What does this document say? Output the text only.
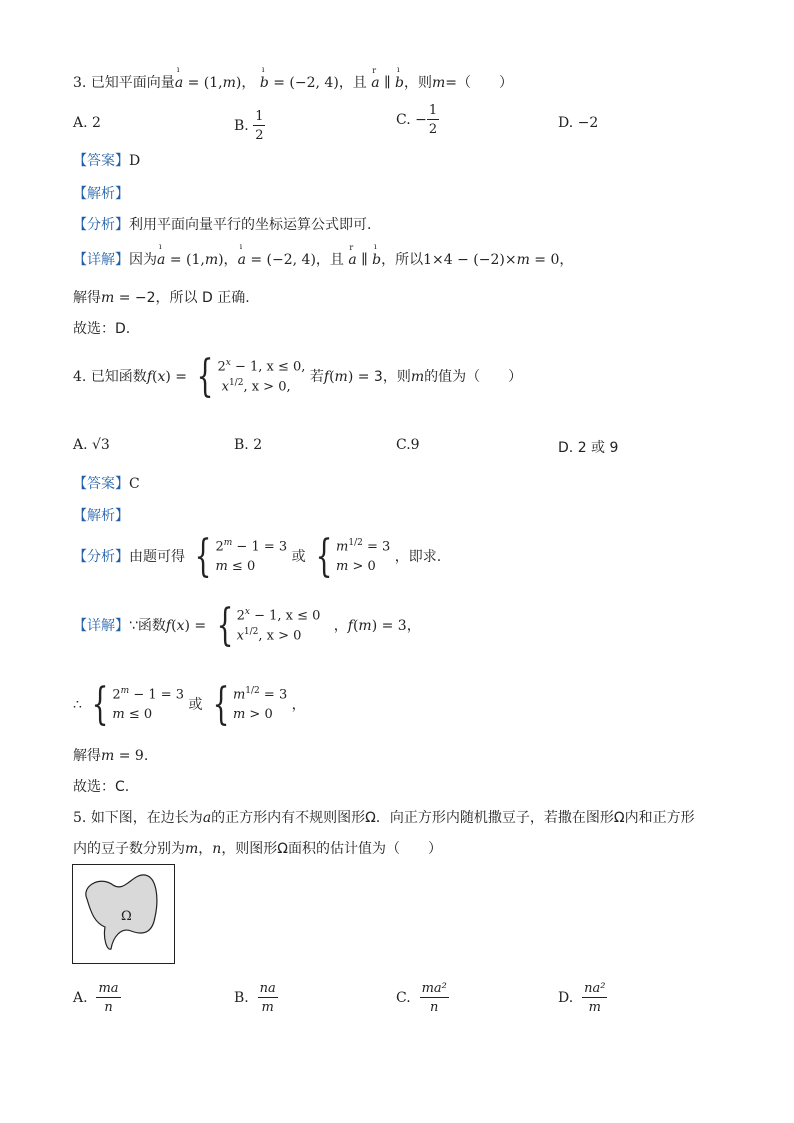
3. 已知平面向量ı a = (1,m)， ı b = (−2, 4)，且 r a ∥ ı b，则m=（　　）
A. 2	B. $\frac{1}{2}$	C. − $\frac{1}{2}$	D. −2
【答案】D
【解析】
【分析】利用平面向量平行的坐标运算公式即可.
【详解】因为ı a = (1,m)，ı a = (−2, 4)，且 r a ∥ ı b，所以1×4 − (−2)×m = 0，
解得m = −2，所以 D 正确.
故选：D.
4. 已知函数f(x) = { $2^x - 1$, x ≤ 0,
$x^{1/2}$, x > 0, 若f(m) = 3，则m的值为（　　）
A. √3	B. 2	C.9	D. 2 或 9
【答案】C
【解析】
【分析】由题可得 { $2^m - 1 = 3$
m ≤ 0 或 { $m^{1/2} = 3$
m > 0 ，即求.
【详解】∵函数f(x) = { $2^x - 1$, x ≤ 0
$x^{1/2}$, x > 0   ，f(m) = 3，
∴ { $2^m - 1 = 3$
m ≤ 0 或 { $m^{1/2} = 3$
m > 0 ，
解得m = 9.
故选：C.
5. 如下图，在边长为a的正方形内有不规则图形Ω．向正方形内随机撒豆子，若撒在图形Ω内和正方形
内的豆子数分别为m，n，则图形Ω面积的估计值为（　　）
Ω
A. $\frac{ma}{n}$	B. $\frac{na}{m}$	C. $\frac{\text{ma²}}{n}$	D. $\frac{\text{na²}}{m}$
